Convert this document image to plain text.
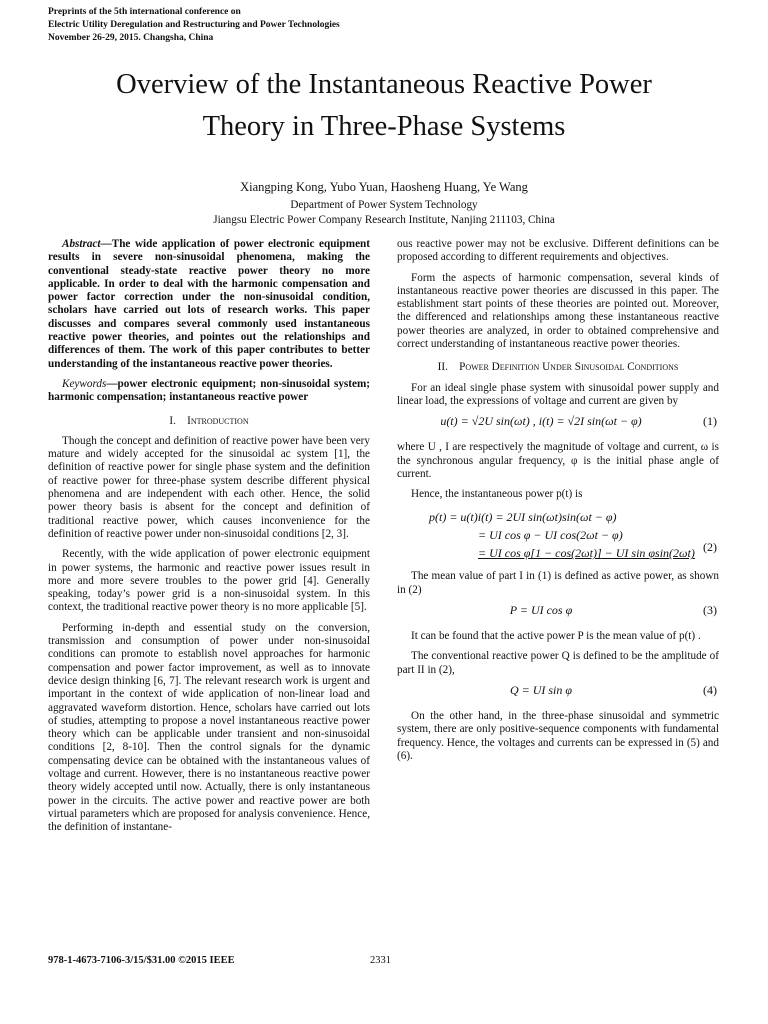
Preprints of the 5th international conference on
Electric Utility Deregulation and Restructuring and Power Technologies
November 26-29, 2015. Changsha, China
Overview of the Instantaneous Reactive Power
Theory in Three-Phase Systems
Xiangping Kong, Yubo Yuan, Haosheng Huang, Ye Wang
Department of Power System Technology
Jiangsu Electric Power Company Research Institute, Nanjing 211103, China

Abstract—The wide application of power electronic equipment results in severe non-sinusoidal phenomena, making the conventional steady-state reactive power theory no more applicable. In order to deal with the harmonic compensation and power factor correction under the non-sinusoidal condition, scholars have carried out lots of research works. This paper discusses and compares several commonly used instantaneous reactive power theories, and pointes out the relationships and differences of them. The work of this paper contributes to better understanding of the instantaneous reactive power theories.

Keywords—power electronic equipment; non-sinusoidal system; harmonic compensation; instantaneous reactive power

I. Introduction

Though the concept and definition of reactive power have been very mature and widely accepted for the sinusoidal ac system [1], the definition of reactive power for single phase system and the definition of reactive power for three-phase system describe different physical phenomena and are independent with each other. Hence, the solid power theory basis is absent for the concept and definition of traditional reactive power, which causes inconvenience for the definition of reactive power under non-sinusoidal conditions [2, 3].

Recently, with the wide application of power electronic equipment in power systems, the harmonic and reactive power issues result in more and more severe troubles to the power grid [4]. Generally speaking, today’s power grid is a non-sinusoidal system. In this context, the traditional reactive power theory is no more applicable [5].

Performing in-depth and essential study on the conversion, transmission and consumption of power under non-sinusoidal conditions can promote to establish novel approaches for harmonic compensation and power factor improvement, as well as to innovate device design thinking [6, 7]. The relevant research work is urgent and important in the context of wide application of non-linear load and aggravated waveform distortion. Hence, scholars have carried out lots of studies, attempting to propose a novel instantaneous reactive power theory which can be applicable under transient and non-sinusoidal conditions [2, 8-10]. Then the control signals for the dynamic compensating device can be obtained with the instantaneous values of voltage and current. However, there is no instantaneous reactive power theory widely accepted until now. Actually, there is only instantaneous power in the circuits. The active power and reactive power are both virtual parameters which are proposed for analysis convenience. Hence, the definition of instantane-

ous reactive power may not be exclusive. Different definitions can be proposed according to different requirements and objectives.

Form the aspects of harmonic compensation, several kinds of instantaneous reactive power theories are discussed in this paper. The establishment start points of these theories are pointed out. Moreover, the differenced and relationships among these instantaneous reactive power theories are analyzed, in order to obtained comprehensive and correct understanding of instantaneous reactive power theories.

II. Power Definition Under Sinusoidal Conditions

For an ideal single phase system with sinusoidal power supply and linear load, the expressions of voltage and current are given by

u(t) = √2U sin(ωt) , i(t) = √2I sin(ωt − φ)	(1)

where U , I are respectively the magnitude of voltage and current, ω is the synchronous angular frequency, φ is the initial phase angle of current.

Hence, the instantaneous power p(t) is

p(t) = u(t)i(t) = 2UI sin(ωt)sin(ωt − φ)
= UI cos φ − UI cos(2ωt − φ)
= UI cos φ[1 − cos(2ωt)] − UI sin φsin(2ωt) (2)

The mean value of part I in (1) is defined as active power, as shown in (2)

P = UI cos φ	(3)

It can be found that the active power P is the mean value of p(t) .

The conventional reactive power Q is defined to be the amplitude of part II in (2),

Q = UI sin φ	(4)

On the other hand, in the three-phase sinusoidal and symmetric system, there are only positive-sequence components with fundamental frequency. Hence, the voltages and currents can be expressed in (5) and (6).

978-1-4673-7106-3/15/$31.00 ©2015 IEEE	2331
